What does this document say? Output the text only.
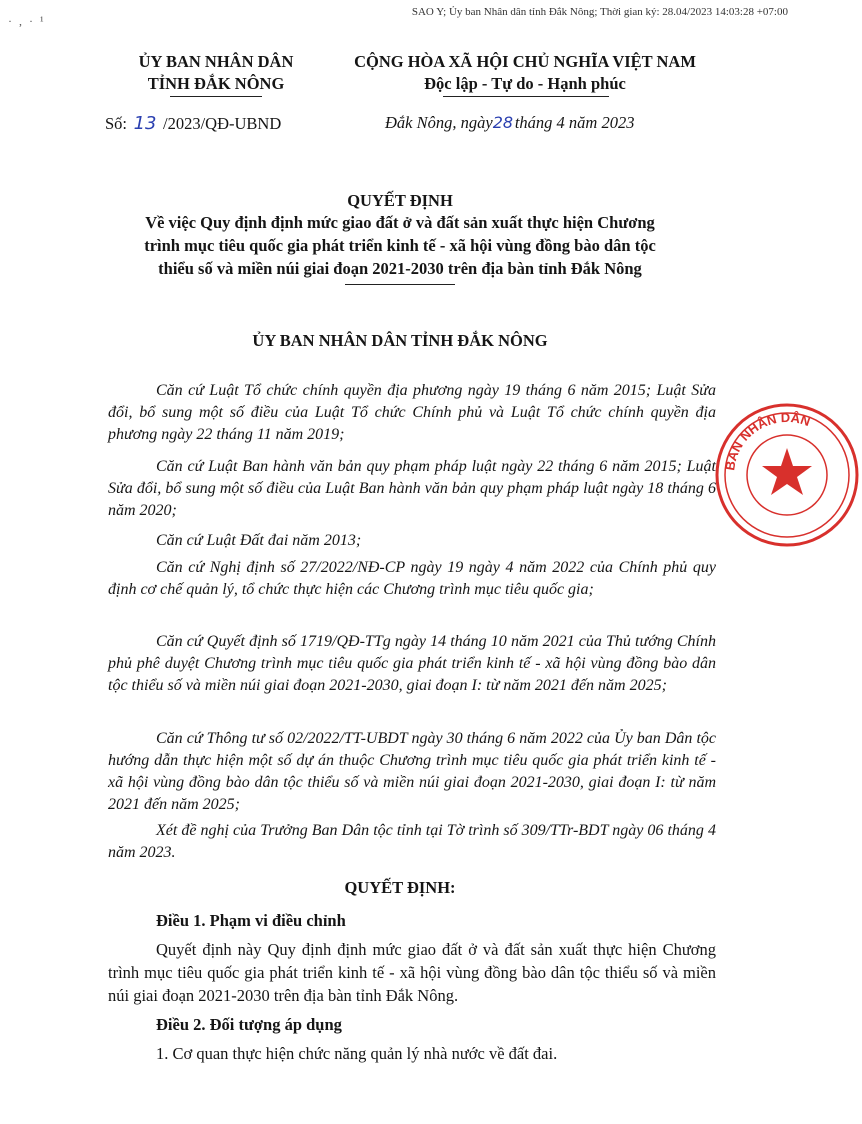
SAO Y; Ủy ban Nhân dân tỉnh Đắk Nông; Thời gian ký: 28.04/2023 14:03:28 +07:00
· , · ¹
ỦY BAN NHÂN DÂN
TỈNH ĐẮK NÔNG
CỘNG HÒA XÃ HỘI CHỦ NGHĨA VIỆT NAM
Độc lập - Tự do - Hạnh phúc
Số: 13 /2023/QĐ-UBND	Đắk Nông, ngày28 tháng 4 năm 2023
QUYẾT ĐỊNH
Về việc Quy định định mức giao đất ở và đất sản xuất thực hiện Chương
trình mục tiêu quốc gia phát triển kinh tế - xã hội vùng đồng bào dân tộc
thiểu số và miền núi giai đoạn 2021-2030 trên địa bàn tỉnh Đắk Nông
ỦY BAN NHÂN DÂN TỈNH ĐẮK NÔNG
Căn cứ Luật Tổ chức chính quyền địa phương ngày 19 tháng 6 năm 2015; Luật Sửa đổi, bổ sung một số điều của Luật Tổ chức Chính phủ và Luật Tổ chức chính quyền địa phương ngày 22 tháng 11 năm 2019;
Căn cứ Luật Ban hành văn bản quy phạm pháp luật ngày 22 tháng 6 năm 2015; Luật Sửa đổi, bổ sung một số điều của Luật Ban hành văn bản quy phạm pháp luật ngày 18 tháng 6 năm 2020;
Căn cứ Luật Đất đai năm 2013;
Căn cứ Nghị định số 27/2022/NĐ-CP ngày 19 ngày 4 năm 2022 của Chính phủ quy định cơ chế quản lý, tổ chức thực hiện các Chương trình mục tiêu quốc gia;
Căn cứ Quyết định số 1719/QĐ-TTg ngày 14 tháng 10 năm 2021 của Thủ tướng Chính phủ phê duyệt Chương trình mục tiêu quốc gia phát triển kinh tế - xã hội vùng đồng bào dân tộc thiểu số và miền núi giai đoạn 2021-2030, giai đoạn I: từ năm 2021 đến năm 2025;
Căn cứ Thông tư số 02/2022/TT-UBDT ngày 30 tháng 6 năm 2022 của Ủy ban Dân tộc hướng dẫn thực hiện một số dự án thuộc Chương trình mục tiêu quốc gia phát triển kinh tế - xã hội vùng đồng bào dân tộc thiểu số và miền núi giai đoạn 2021-2030, giai đoạn I: từ năm 2021 đến năm 2025;
Xét đề nghị của Trưởng Ban Dân tộc tỉnh tại Tờ trình số 309/TTr-BDT ngày 06 tháng 4 năm 2023.
QUYẾT ĐỊNH:
Điều 1. Phạm vi điều chỉnh
Quyết định này Quy định định mức giao đất ở và đất sản xuất thực hiện Chương trình mục tiêu quốc gia phát triển kinh tế - xã hội vùng đồng bào dân tộc thiểu số và miền núi giai đoạn 2021-2030 trên địa bàn tỉnh Đắk Nông.
Điều 2. Đối tượng áp dụng
1. Cơ quan thực hiện chức năng quản lý nhà nước về đất đai.
BAN NHÂN DÂN
